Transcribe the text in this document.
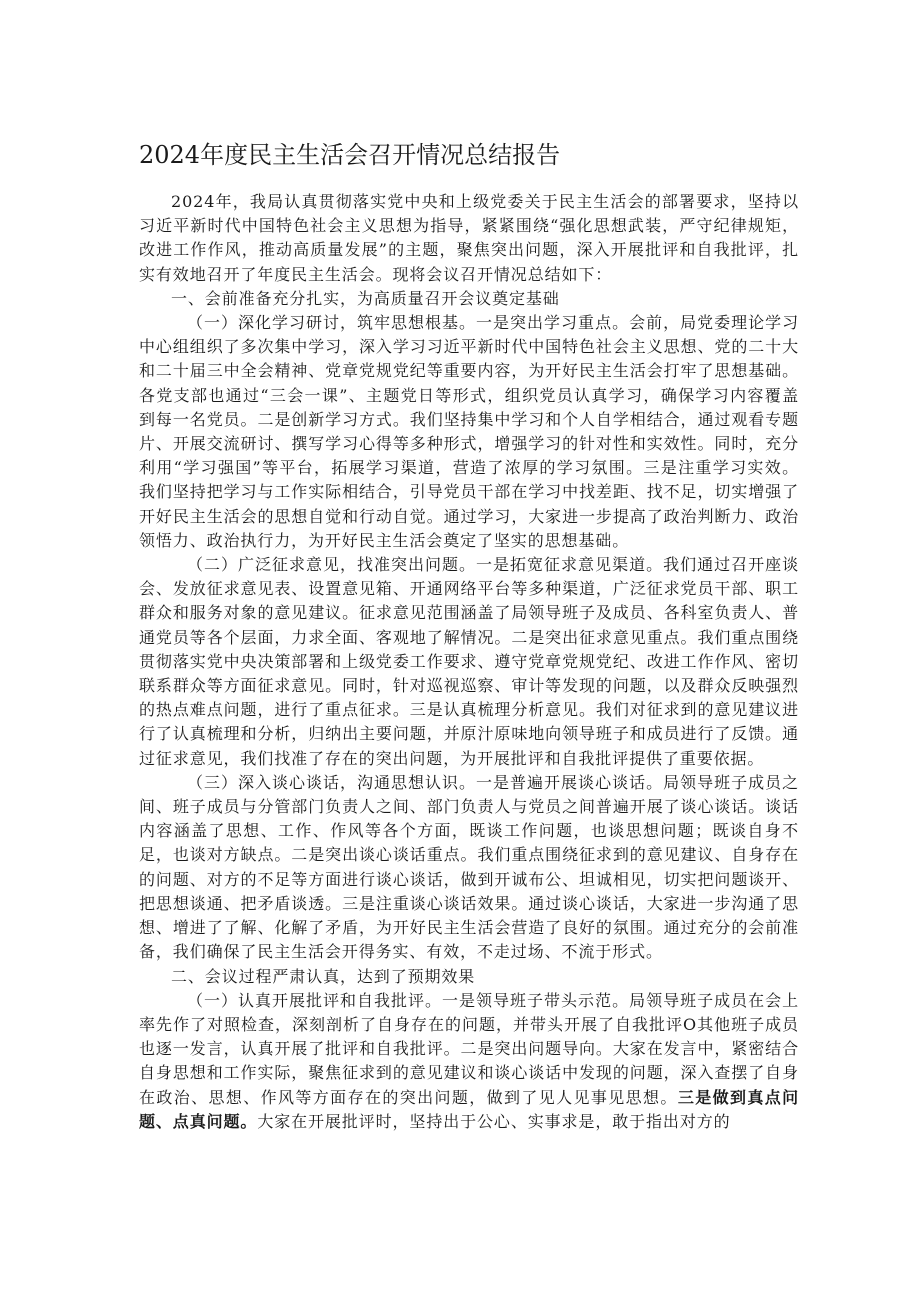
2024年度民主生活会召开情况总结报告

2024年，我局认真贯彻落实党中央和上级党委关于民主生活会的部署要求，坚持以习近平新时代中国特色社会主义思想为指导，紧紧围绕“强化思想武装，严守纪律规矩，改进工作作风，推动高质量发展”的主题，聚焦突出问题，深入开展批评和自我批评，扎实有效地召开了年度民主生活会。现将会议召开情况总结如下：

一、会前准备充分扎实，为高质量召开会议奠定基础

（一）深化学习研讨，筑牢思想根基。一是突出学习重点。会前，局党委理论学习中心组组织了多次集中学习，深入学习习近平新时代中国特色社会主义思想、党的二十大和二十届三中全会精神、党章党规党纪等重要内容，为开好民主生活会打牢了思想基础。各党支部也通过“三会一课”、主题党日等形式，组织党员认真学习，确保学习内容覆盖到每一名党员。二是创新学习方式。我们坚持集中学习和个人自学相结合，通过观看专题片、开展交流研讨、撰写学习心得等多种形式，增强学习的针对性和实效性。同时，充分利用“学习强国”等平台，拓展学习渠道，营造了浓厚的学习氛围。三是注重学习实效。我们坚持把学习与工作实际相结合，引导党员干部在学习中找差距、找不足，切实增强了开好民主生活会的思想自觉和行动自觉。通过学习，大家进一步提高了政治判断力、政治领悟力、政治执行力，为开好民主生活会奠定了坚实的思想基础。

（二）广泛征求意见，找准突出问题。一是拓宽征求意见渠道。我们通过召开座谈会、发放征求意见表、设置意见箱、开通网络平台等多种渠道，广泛征求党员干部、职工群众和服务对象的意见建议。征求意见范围涵盖了局领导班子及成员、各科室负责人、普通党员等各个层面，力求全面、客观地了解情况。二是突出征求意见重点。我们重点围绕贯彻落实党中央决策部署和上级党委工作要求、遵守党章党规党纪、改进工作作风、密切联系群众等方面征求意见。同时，针对巡视巡察、审计等发现的问题，以及群众反映强烈的热点难点问题，进行了重点征求。三是认真梳理分析意见。我们对征求到的意见建议进行了认真梳理和分析，归纳出主要问题，并原汁原味地向领导班子和成员进行了反馈。通过征求意见，我们找准了存在的突出问题，为开展批评和自我批评提供了重要依据。

（三）深入谈心谈话，沟通思想认识。一是普遍开展谈心谈话。局领导班子成员之间、班子成员与分管部门负责人之间、部门负责人与党员之间普遍开展了谈心谈话。谈话内容涵盖了思想、工作、作风等各个方面，既谈工作问题，也谈思想问题；既谈自身不足，也谈对方缺点。二是突出谈心谈话重点。我们重点围绕征求到的意见建议、自身存在的问题、对方的不足等方面进行谈心谈话，做到开诚布公、坦诚相见，切实把问题谈开、把思想谈通、把矛盾谈透。三是注重谈心谈话效果。通过谈心谈话，大家进一步沟通了思想、增进了了解、化解了矛盾，为开好民主生活会营造了良好的氛围。通过充分的会前准备，我们确保了民主生活会开得务实、有效，不走过场、不流于形式。

二、会议过程严肃认真，达到了预期效果

（一）认真开展批评和自我批评。一是领导班子带头示范。局领导班子成员在会上率先作了对照检查，深刻剖析了自身存在的问题，并带头开展了自我批评O其他班子成员也逐一发言，认真开展了批评和自我批评。二是突出问题导向。大家在发言中，紧密结合自身思想和工作实际，聚焦征求到的意见建议和谈心谈话中发现的问题，深入查摆了自身在政治、思想、作风等方面存在的突出问题，做到了见人见事见思想。三是做到真点问题、点真问题。大家在开展批评时，坚持出于公心、实事求是，敢于指出对方的
